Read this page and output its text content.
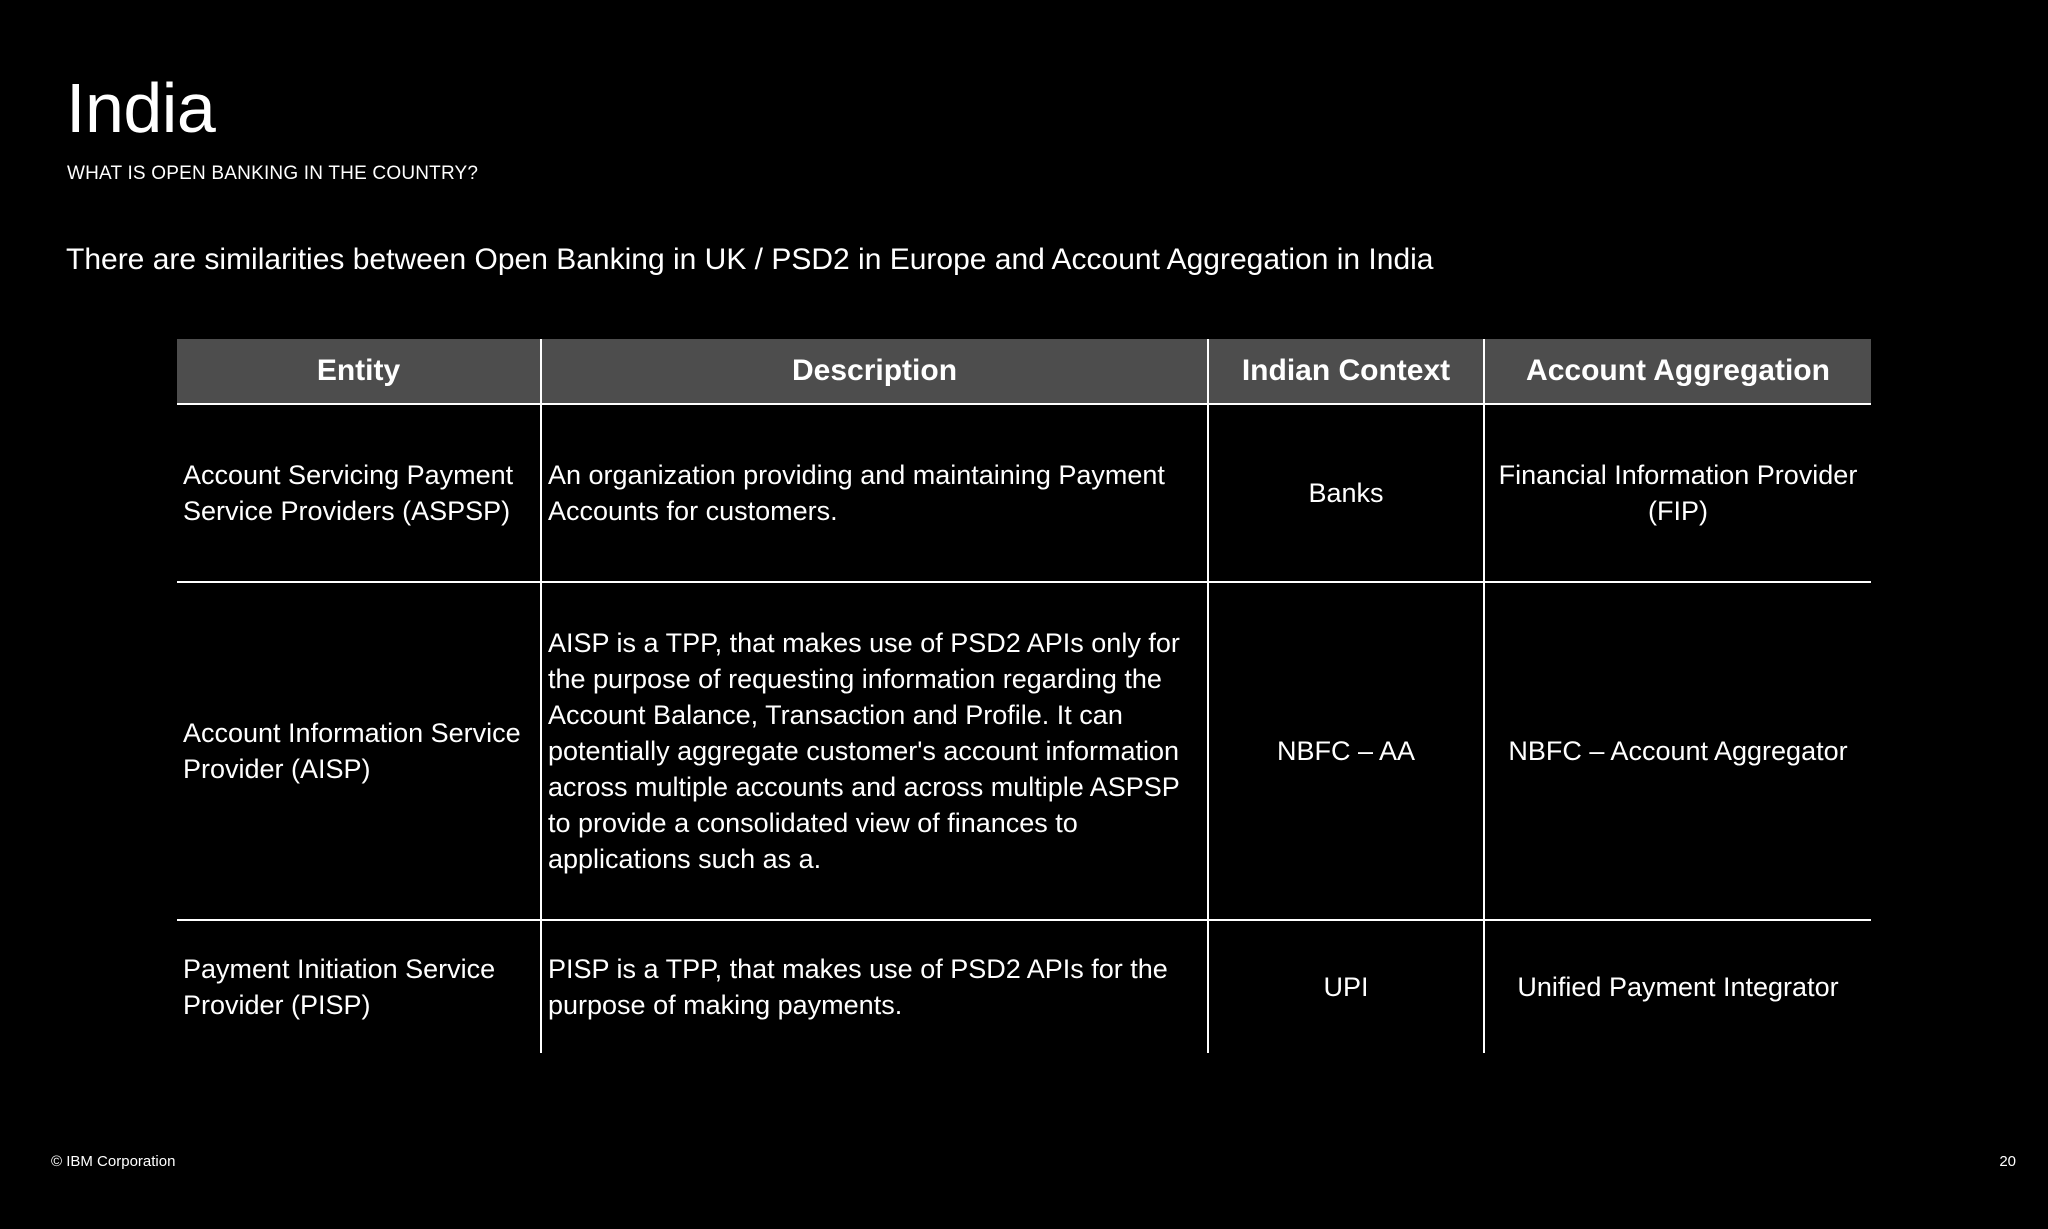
India
WHAT IS OPEN BANKING IN THE COUNTRY?
There are similarities between Open Banking in UK / PSD2 in Europe and Account Aggregation in India
Entity	Description	Indian Context	Account Aggregation
Account Servicing Payment Service Providers (ASPSP)	An organization providing and maintaining Payment Accounts for customers.	Banks	Financial Information Provider (FIP)
Account Information Service Provider (AISP)	AISP is a TPP, that makes use of PSD2 APIs only for the purpose of requesting information regarding the Account Balance, Transaction and Profile. It can potentially aggregate customer's account information across multiple accounts and across multiple ASPSP to provide a consolidated view of finances to applications such as a.	NBFC – AA	NBFC – Account Aggregator
Payment Initiation Service Provider (PISP)	PISP is a TPP, that makes use of PSD2 APIs for the purpose of making payments.	UPI	Unified Payment Integrator
© IBM Corporation	20
